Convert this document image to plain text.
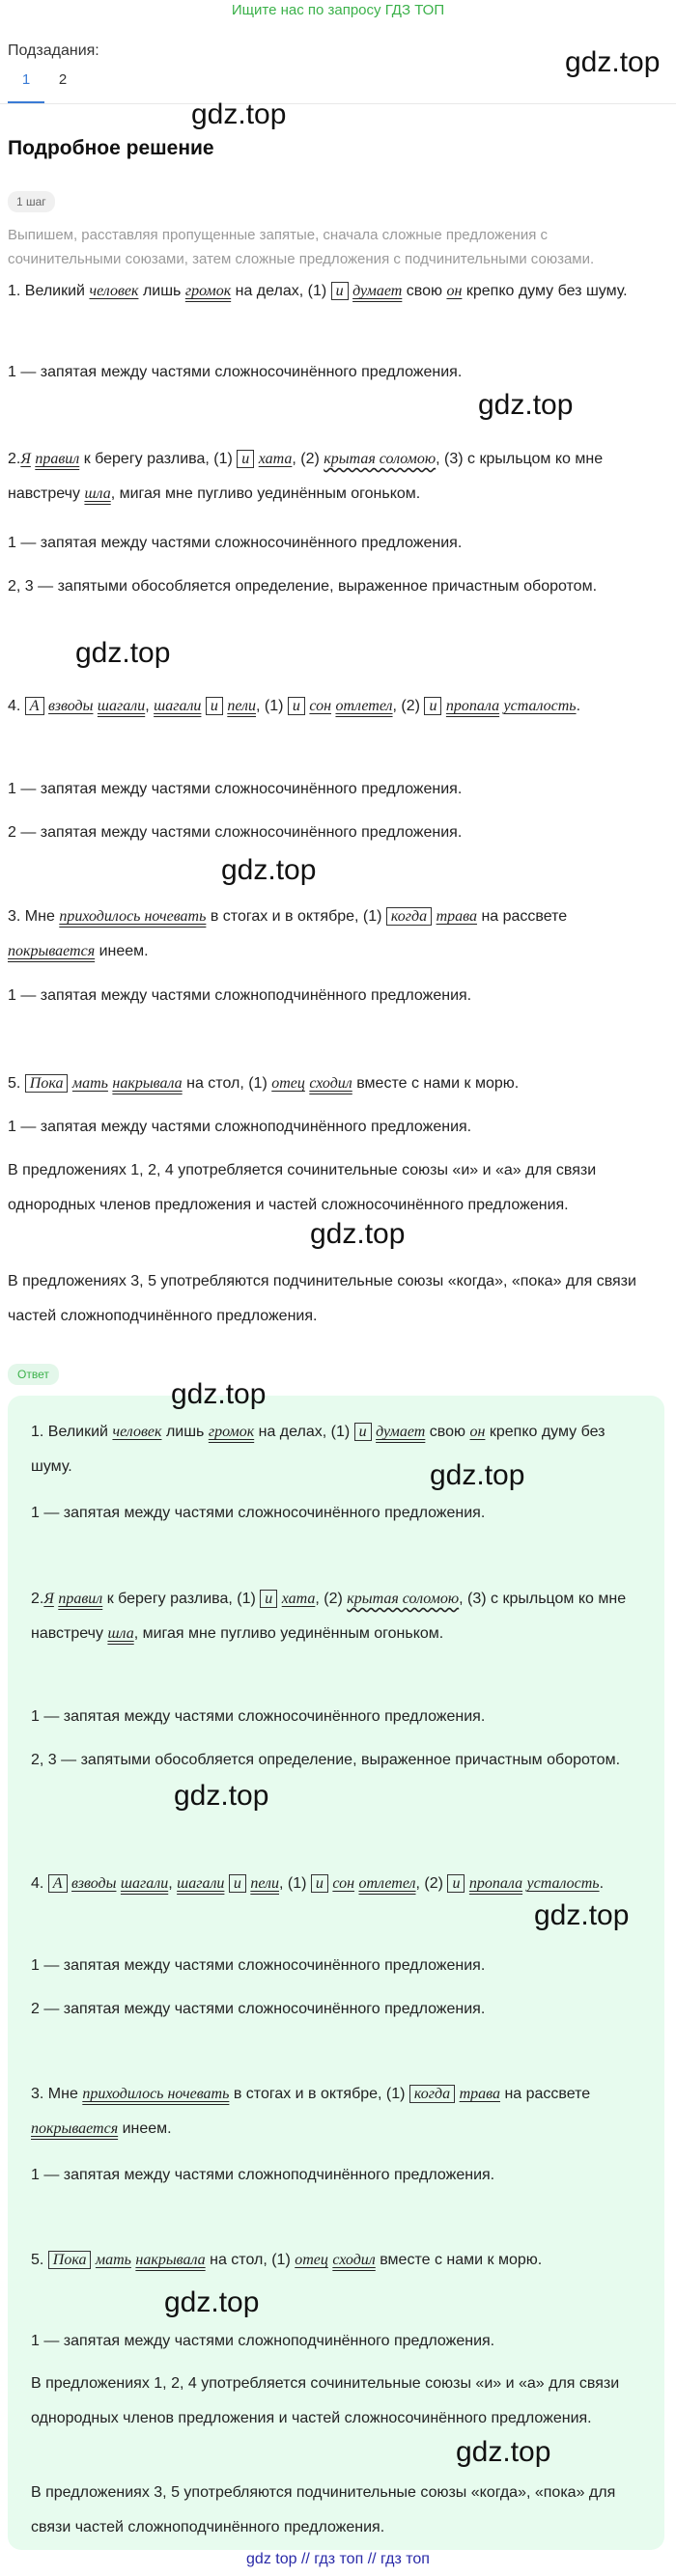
Ищите нас по запросу ГДЗ ТОП
Подзадания:
1	2
gdz.top
gdz.top
gdz.top
gdz.top
gdz.top
gdz.top
Подробное решение
1 шаг
Выпишем, расставляя пропущенные запятые, сначала сложные предложения с сочинительными союзами, затем сложные предложения с подчинительными союзами.
1. Великий человек лишь громок на делах, (1) и думает свою он крепко думу без шуму.
1 — запятая между частями сложносочинённого предложения.
2.Я правил к берегу разлива, (1) и хата, (2) крытая соломою, (3) с крыльцом ко мне навстречу шла, мигая мне пугливо уединённым огоньком.
1 — запятая между частями сложносочинённого предложения.
2, 3 — запятыми обособляется определение, выраженное причастным оборотом.
4. А взводы шагали, шагали и пели, (1) и сон отлетел, (2) и пропала усталость.
1 — запятая между частями сложносочинённого предложения.
2 — запятая между частями сложносочинённого предложения.
3. Мне приходилось ночевать в стогах и в октябре, (1) когда трава на рассвете покрывается инеем.
1 — запятая между частями сложноподчинённого предложения.
5. Пока мать накрывала на стол, (1) отец сходил вместе с нами к морю.
1 — запятая между частями сложноподчинённого предложения.
В предложениях 1, 2, 4 употребляется сочинительные союзы «и» и «а» для связи однородных членов предложения и частей сложносочинённого предложения.
В предложениях 3, 5 употребляются подчинительные союзы «когда», «пока» для связи частей сложноподчинённого предложения.
Ответ
gdz.top
gdz.top
gdz.top
gdz.top
gdz.top
gdz.top
1. Великий человек лишь громок на делах, (1) и думает свою он крепко думу без шуму.
1 — запятая между частями сложносочинённого предложения.
2.Я правил к берегу разлива, (1) и хата, (2) крытая соломою, (3) с крыльцом ко мне навстречу шла, мигая мне пугливо уединённым огоньком.
1 — запятая между частями сложносочинённого предложения.
2, 3 — запятыми обособляется определение, выраженное причастным оборотом.
4. А взводы шагали, шагали и пели, (1) и сон отлетел, (2) и пропала усталость.
1 — запятая между частями сложносочинённого предложения.
2 — запятая между частями сложносочинённого предложения.
3. Мне приходилось ночевать в стогах и в октябре, (1) когда трава на рассвете покрывается инеем.
1 — запятая между частями сложноподчинённого предложения.
5. Пока мать накрывала на стол, (1) отец сходил вместе с нами к морю.
1 — запятая между частями сложноподчинённого предложения.
В предложениях 1, 2, 4 употребляется сочинительные союзы «и» и «а» для связи однородных членов предложения и частей сложносочинённого предложения.
В предложениях 3, 5 употребляются подчинительные союзы «когда», «пока» для связи частей сложноподчинённого предложения.
gdz top // гдз топ // гдз топ
